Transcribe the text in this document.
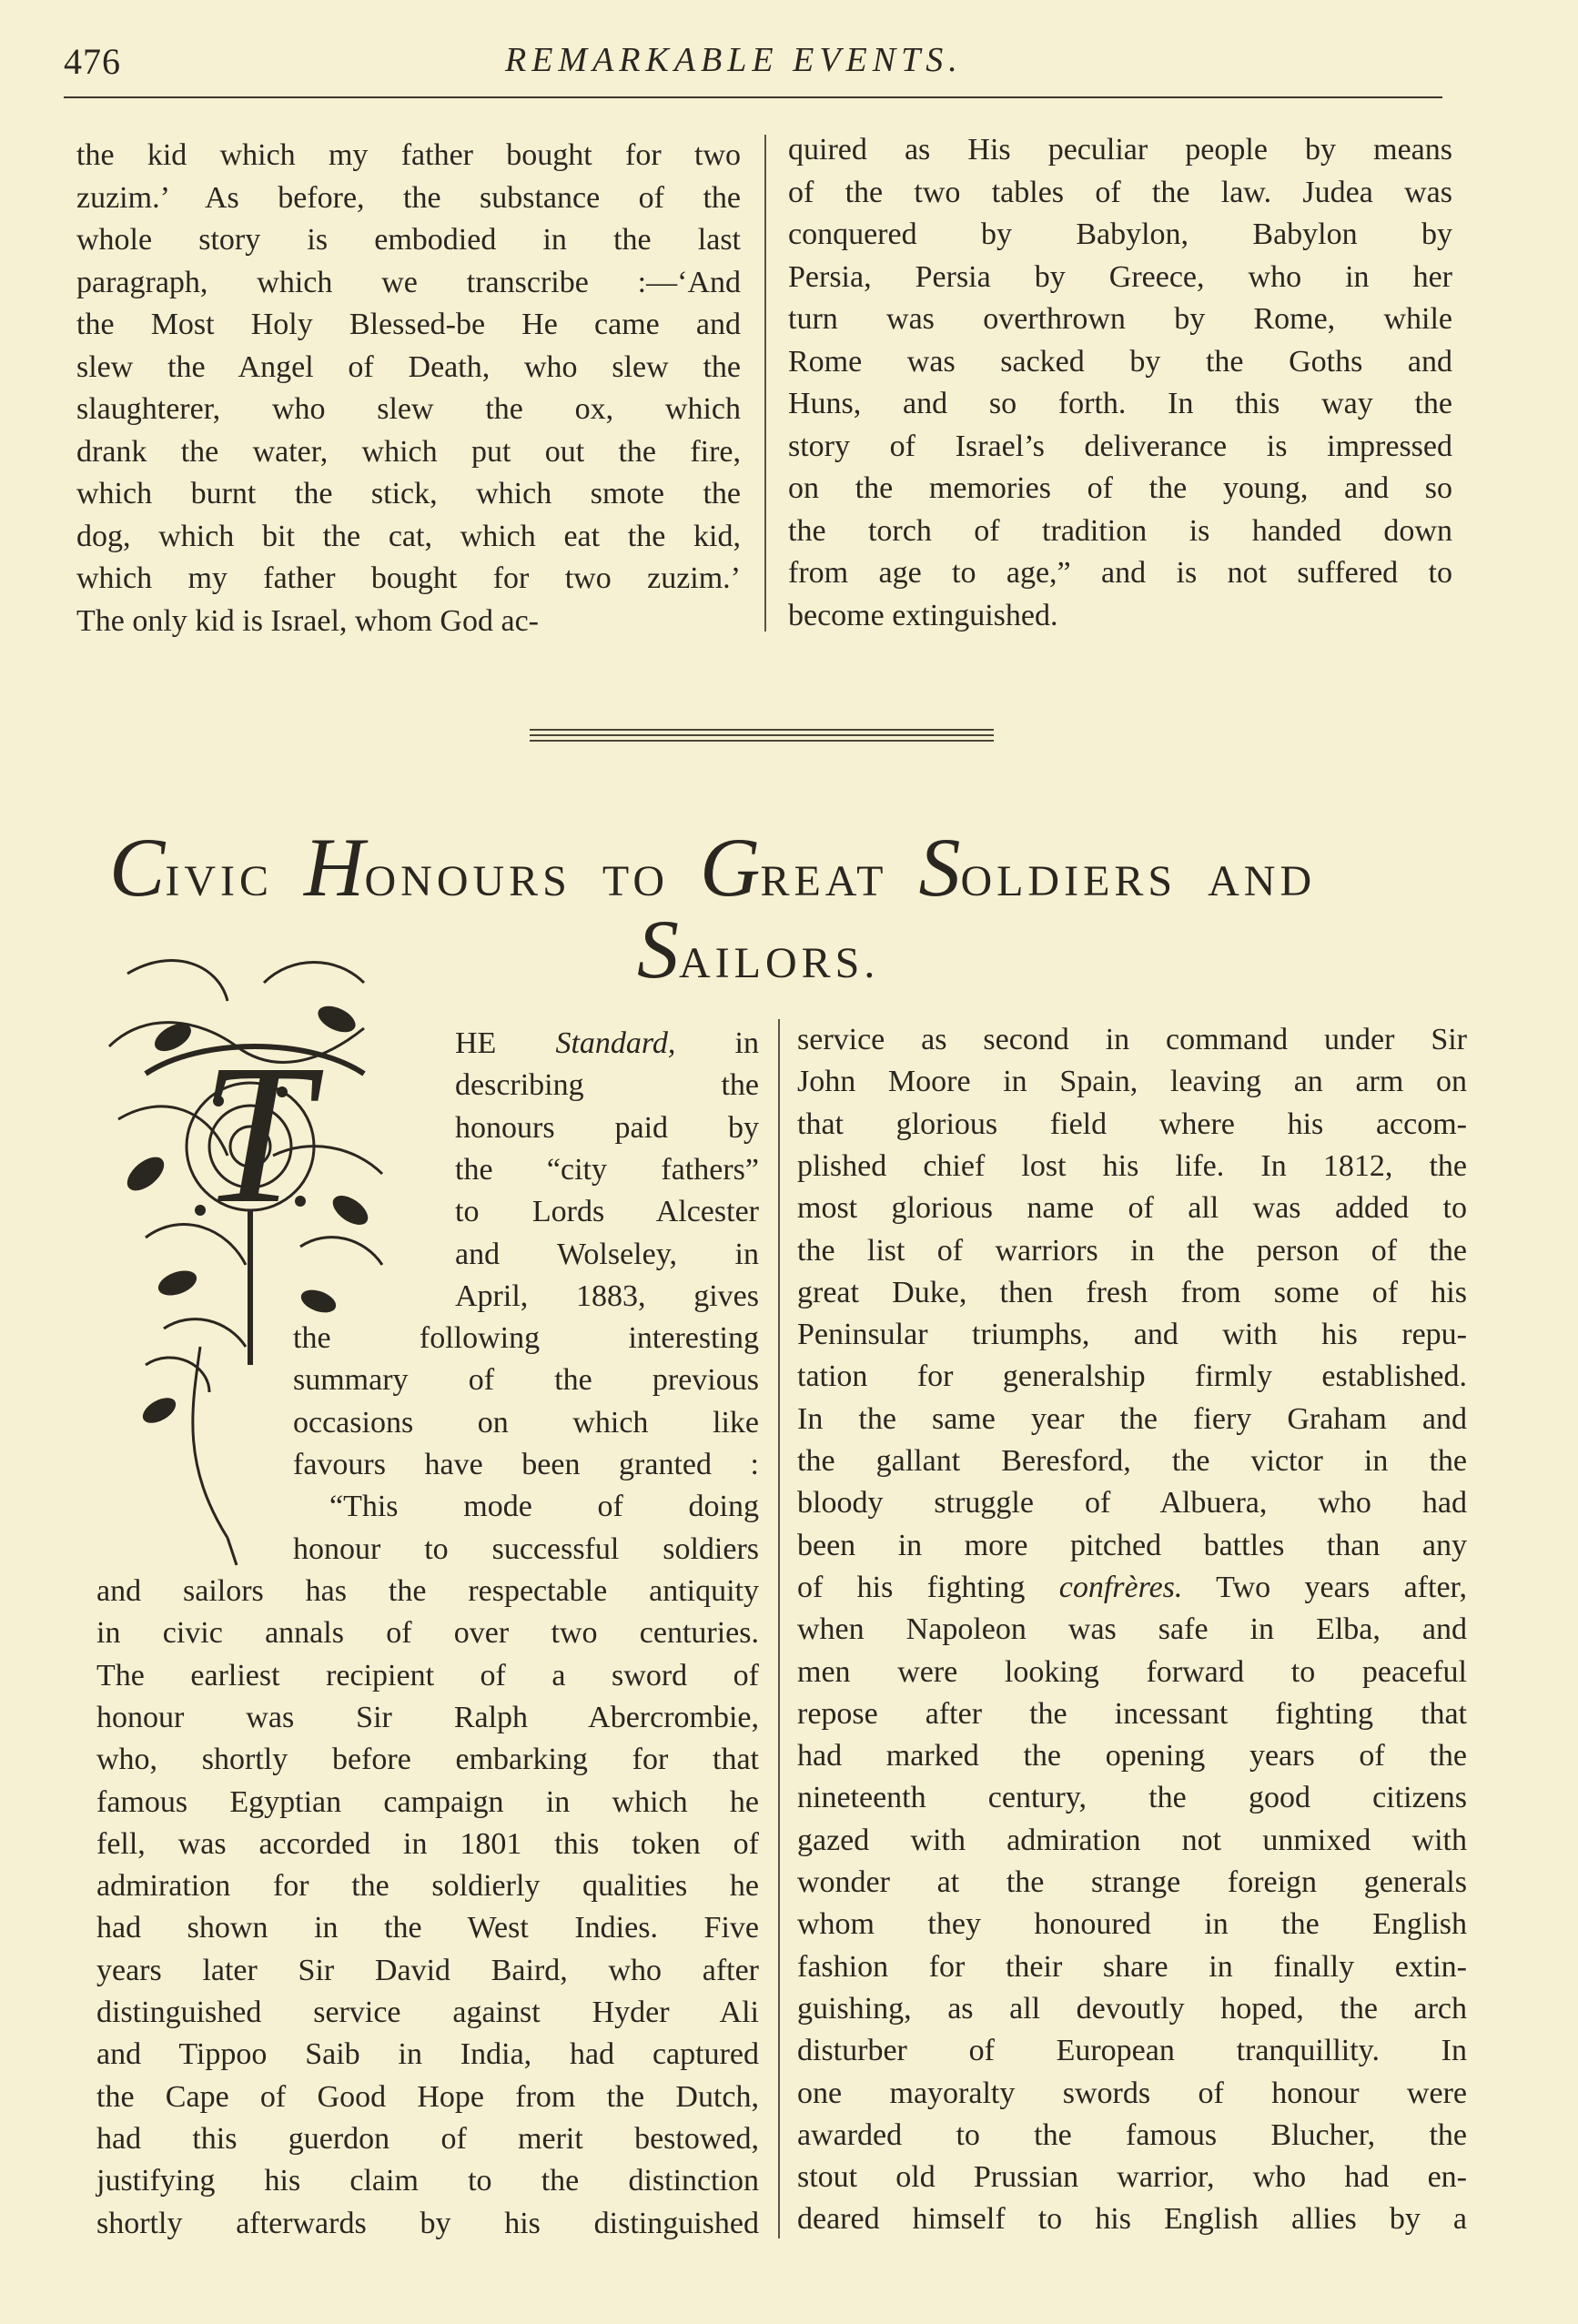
476	REMARKABLE EVENTS.
the kid which my father bought for two
zuzim.’ As before, the substance of the
whole story is embodied in the last
paragraph, which we transcribe :—‘And
the Most Holy Blessed-be He came and
slew the Angel of Death, who slew the
slaughterer, who slew the ox, which
drank the water, which put out the fire,
which burnt the stick, which smote the
dog, which bit the cat, which eat the kid,
which my father bought for two zuzim.’
The only kid is Israel, whom God ac-
quired as His peculiar people by means
of the two tables of the law. Judea was
conquered by Babylon, Babylon by
Persia, Persia by Greece, who in her
turn was overthrown by Rome, while
Rome was sacked by the Goths and
Huns, and so forth. In this way the
story of Israel’s deliverance is impressed
on the memories of the young, and so
the torch of tradition is handed down
from age to age,” and is not suffered to
become extinguished.
CIVIC HONOURS TO GREAT SOLDIERS AND
SAILORS.
T	HE Standard, in
describing the
honours paid by
the “city fathers”
to Lords Alcester
and Wolseley, in
April, 1883, gives
the following interesting
summary of the previous
occasions on which like
favours have been granted :
“This mode of doing
honour to successful soldiers
and sailors has the respectable antiquity
in civic annals of over two centuries.
The earliest recipient of a sword of
honour was Sir Ralph Abercrombie,
who, shortly before embarking for that
famous Egyptian campaign in which he
fell, was accorded in 1801 this token of
admiration for the soldierly qualities he
had shown in the West Indies. Five
years later Sir David Baird, who after
distinguished service against Hyder Ali
and Tippoo Saib in India, had captured
the Cape of Good Hope from the Dutch,
had this guerdon of merit bestowed,
justifying his claim to the distinction
shortly afterwards by his distinguished
service as second in command under Sir
John Moore in Spain, leaving an arm on
that glorious field where his accom-
plished chief lost his life. In 1812, the
most glorious name of all was added to
the list of warriors in the person of the
great Duke, then fresh from some of his
Peninsular triumphs, and with his repu-
tation for generalship firmly established.
In the same year the fiery Graham and
the gallant Beresford, the victor in the
bloody struggle of Albuera, who had
been in more pitched battles than any
of his fighting confrères. Two years after,
when Napoleon was safe in Elba, and
men were looking forward to peaceful
repose after the incessant fighting that
had marked the opening years of the
nineteenth century, the good citizens
gazed with admiration not unmixed with
wonder at the strange foreign generals
whom they honoured in the English
fashion for their share in finally extin-
guishing, as all devoutly hoped, the arch
disturber of European tranquillity. In
one mayoralty swords of honour were
awarded to the famous Blucher, the
stout old Prussian warrior, who had en-
deared himself to his English allies by a
